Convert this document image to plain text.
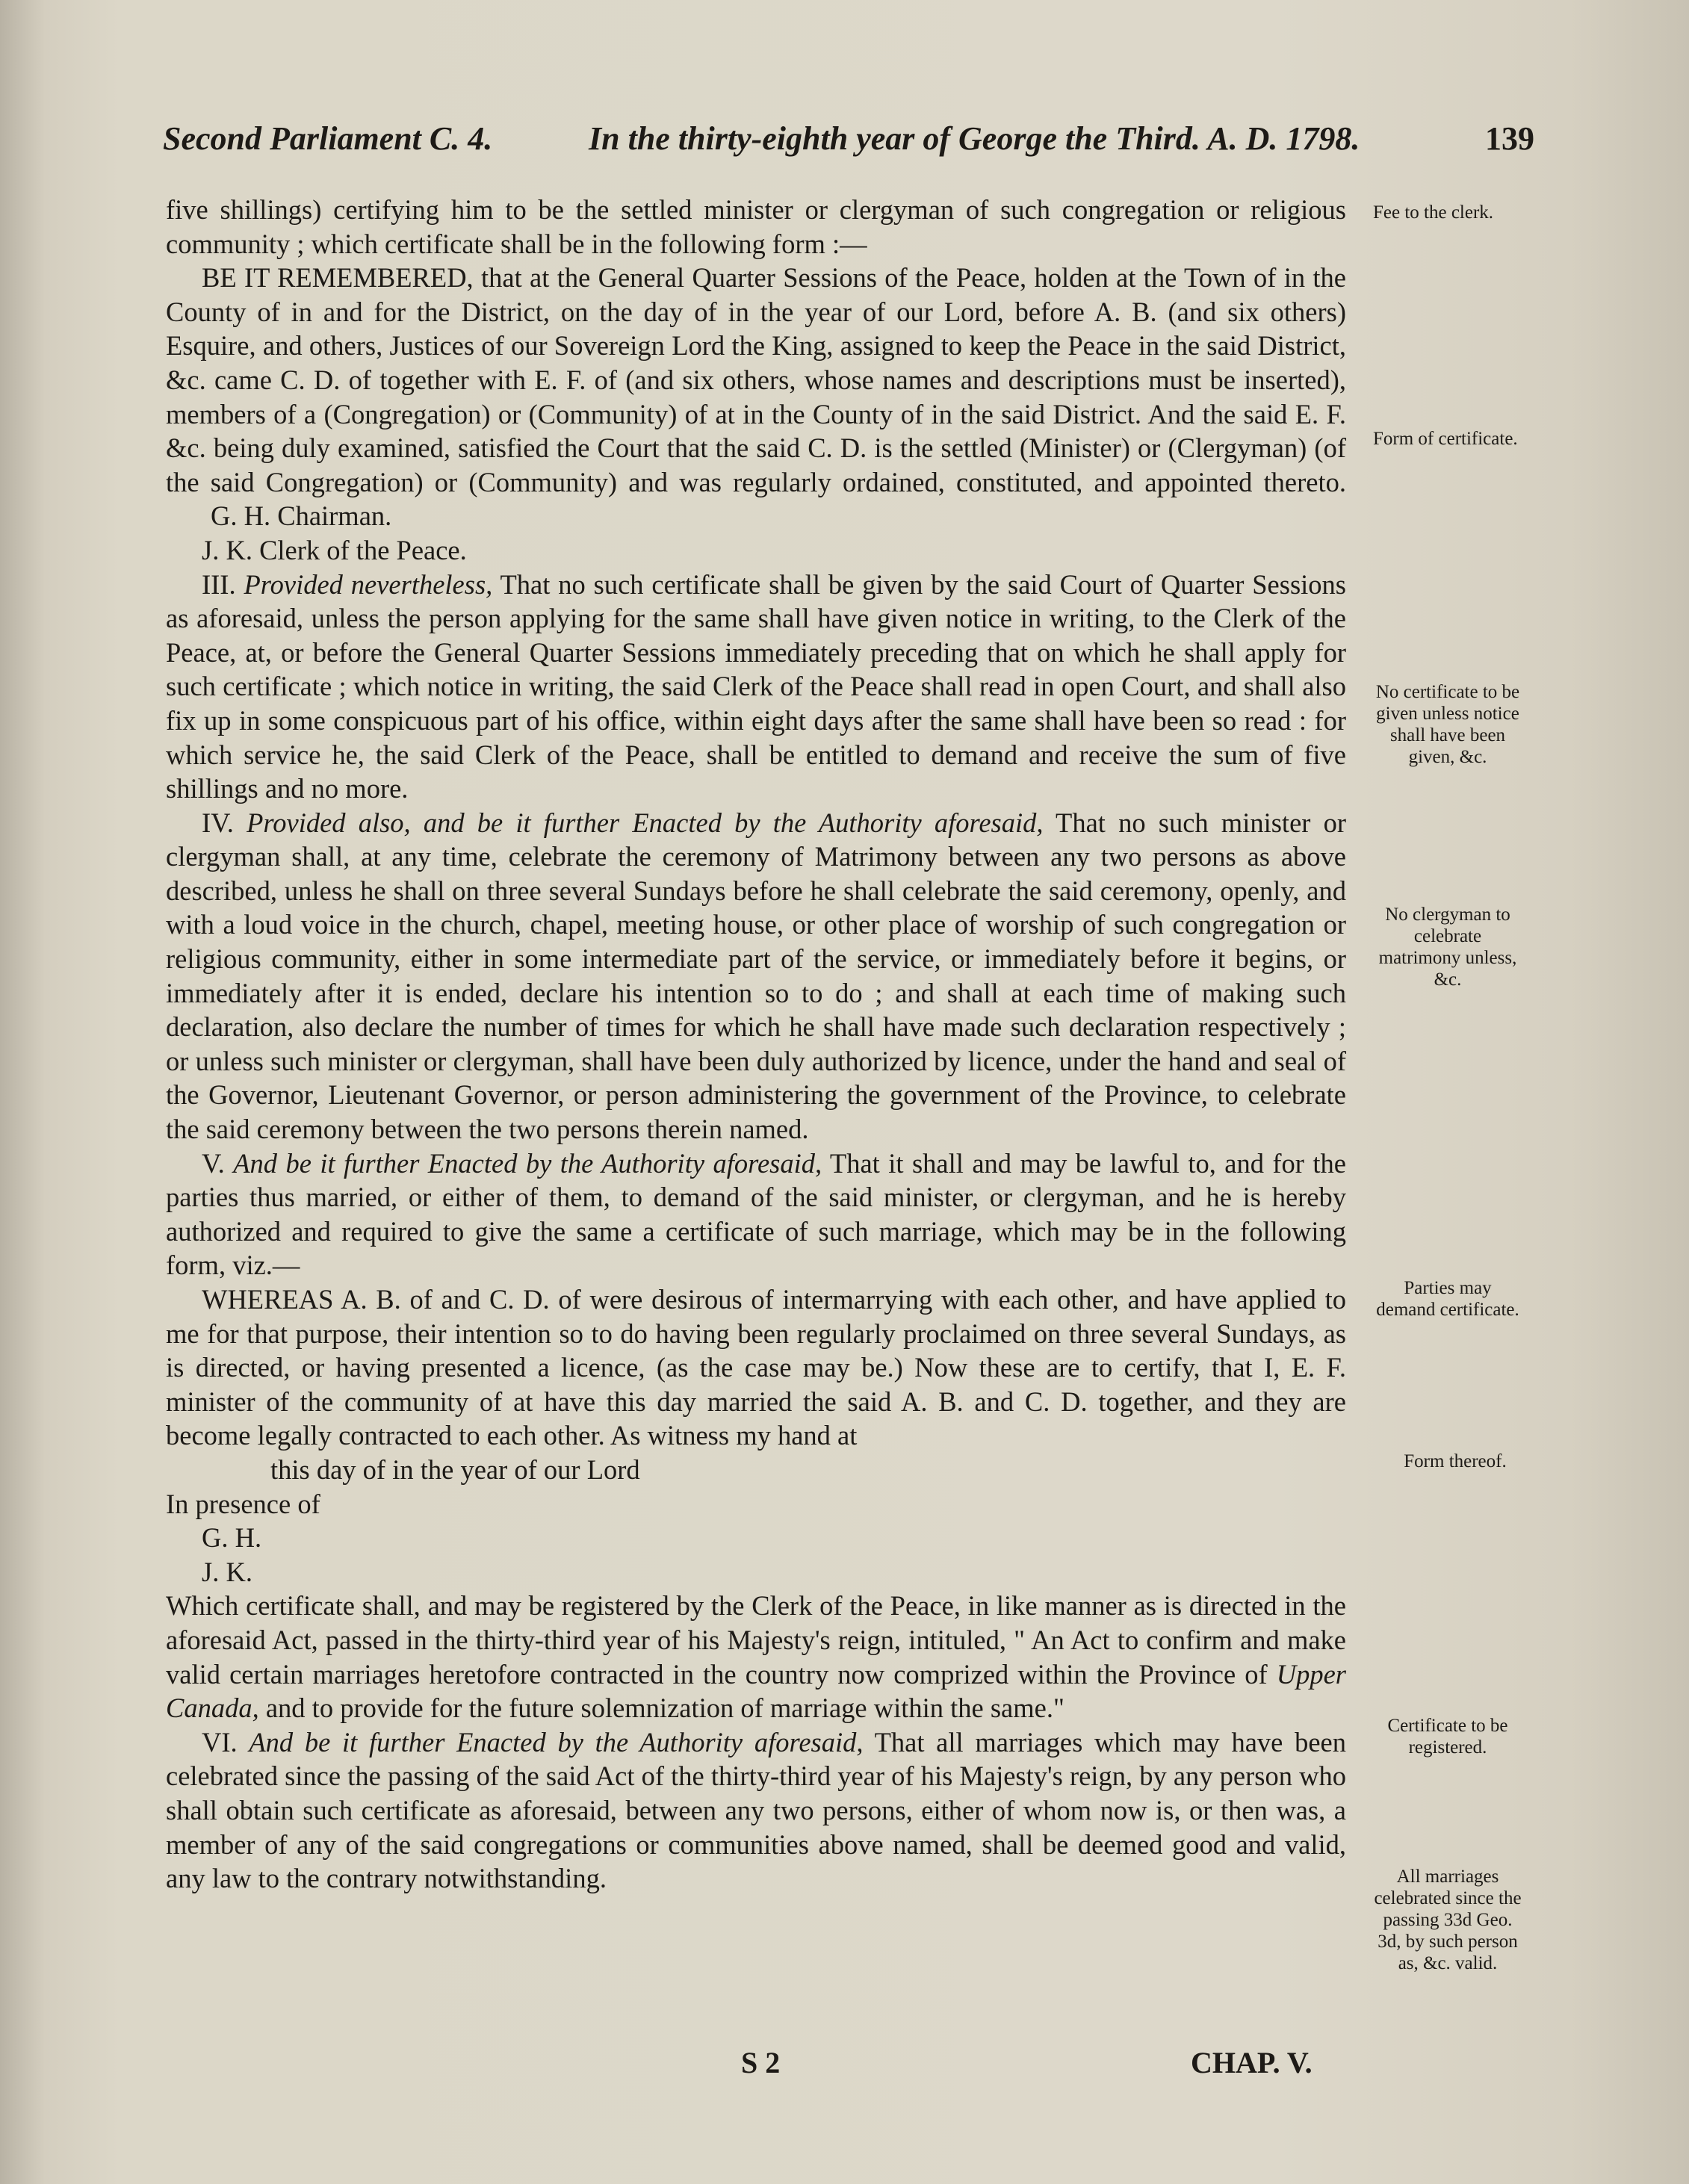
Second Parliament C. 4.	In the thirty-eighth year of George the Third. A. D. 1798.	139

five shillings) certifying him to be the settled minister or clergyman of such congregation or religious community ; which certificate shall be in the following form :—

BE IT REMEMBERED, that at the General Quarter Sessions of the Peace, holden at the Town of in the County of in and for the District, on the day of in the year of our Lord, before A. B. (and six others) Esquire, and others, Justices of our Sovereign Lord the King, assigned to keep the Peace in the said District, &c. came C. D. of together with E. F. of (and six others, whose names and descriptions must be inserted), members of a (Congregation) or (Community) of at in the County of in the said District. And the said E. F. &c. being duly examined, satisfied the Court that the said C. D. is the settled (Minister) or (Clergyman) (of the said Congregation) or (Community) and was regularly ordained, constituted, and appointed thereto. G. H. Chairman.

J. K. Clerk of the Peace.

III. Provided nevertheless, That no such certificate shall be given by the said Court of Quarter Sessions as aforesaid, unless the person applying for the same shall have given notice in writing, to the Clerk of the Peace, at, or before the General Quarter Sessions immediately preceding that on which he shall apply for such certificate ; which notice in writing, the said Clerk of the Peace shall read in open Court, and shall also fix up in some conspicuous part of his office, within eight days after the same shall have been so read : for which service he, the said Clerk of the Peace, shall be entitled to demand and receive the sum of five shillings and no more.

IV. Provided also, and be it further Enacted by the Authority aforesaid, That no such minister or clergyman shall, at any time, celebrate the ceremony of Matrimony between any two persons as above described, unless he shall on three several Sundays before he shall celebrate the said ceremony, openly, and with a loud voice in the church, chapel, meeting house, or other place of worship of such congregation or religious community, either in some intermediate part of the service, or immediately before it begins, or immediately after it is ended, declare his intention so to do ; and shall at each time of making such declaration, also declare the number of times for which he shall have made such declaration respectively ; or unless such minister or clergyman, shall have been duly authorized by licence, under the hand and seal of the Governor, Lieutenant Governor, or person administering the government of the Province, to celebrate the said ceremony between the two persons therein named.

V. And be it further Enacted by the Authority aforesaid, That it shall and may be lawful to, and for the parties thus married, or either of them, to demand of the said minister, or clergyman, and he is hereby authorized and required to give the same a certificate of such marriage, which may be in the following form, viz.—

WHEREAS A. B. of and C. D. of were desirous of intermarrying with each other, and have applied to me for that purpose, their intention so to do having been regularly proclaimed on three several Sundays, as is directed, or having presented a licence, (as the case may be.) Now these are to certify, that I, E. F. minister of the community of at have this day married the said A. B. and C. D. together, and they are become legally contracted to each other. As witness my hand at

this day of in the year of our Lord

In presence of

G. H.

J. K.

Which certificate shall, and may be registered by the Clerk of the Peace, in like manner as is directed in the aforesaid Act, passed in the thirty-third year of his Majesty's reign, intituled, " An Act to confirm and make valid certain marriages heretofore contracted in the country now comprized within the Province of Upper Canada, and to provide for the future solemnization of marriage within the same."

VI. And be it further Enacted by the Authority aforesaid, That all marriages which may have been celebrated since the passing of the said Act of the thirty-third year of his Majesty's reign, by any person who shall obtain such certificate as aforesaid, between any two persons, either of whom now is, or then was, a member of any of the said congregations or communities above named, shall be deemed good and valid, any law to the contrary notwithstanding.

Fee to the clerk.
Form of certificate.
No certificate to be given unless notice shall have been given, &c.
No clergyman to celebrate matrimony unless, &c.
Parties may demand certificate.
Form thereof.
Certificate to be registered.
All marriages celebrated since the passing 33d Geo. 3d, by such person as, &c. valid.
S 2	CHAP. V.
